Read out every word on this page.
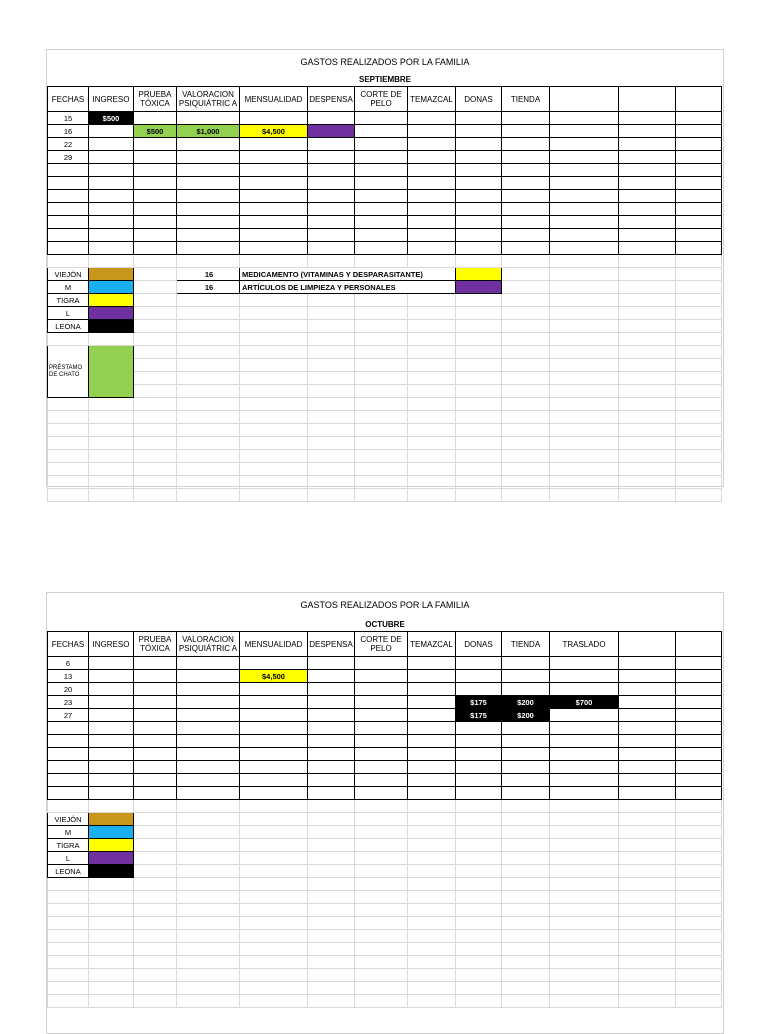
GASTOS REALIZADOS POR LA FAMILIA
SEPTIEMBRE
FECHAS	INGRESO	PRUEBA TÓXICA	VALORACION PSIQUIÁTRIC A	MENSUALIDAD	DESPENSA	CORTE DE PELO	TEMAZCAL	DONAS	TIENDA			
15	$500											
16		$500	$1,000	$4,500								
22												
29												

VIEJÓN			16	MEDICAMENTO (VITAMINAS Y DESPARASITANTE)								
M			16	ARTÍCULOS DE LIMPIEZA Y PERSONALES								
TIGRA												
L												
LEONA												

PRÉSTAMO DE CHATO												

GASTOS REALIZADOS POR LA FAMILIA
OCTUBRE
FECHAS	INGRESO	PRUEBA TÓXICA	VALORACION PSIQUIÁTRIC A	MENSUALIDAD	DESPENSA	CORTE DE PELO	TEMAZCAL	DONAS	TIENDA	TRASLADO		
6												
13				$4,500								
20												
23								$175	$200	$700		
27								$175	$200			

VIEJÓN												
M												
TIGRA												
L												
LEONA												
